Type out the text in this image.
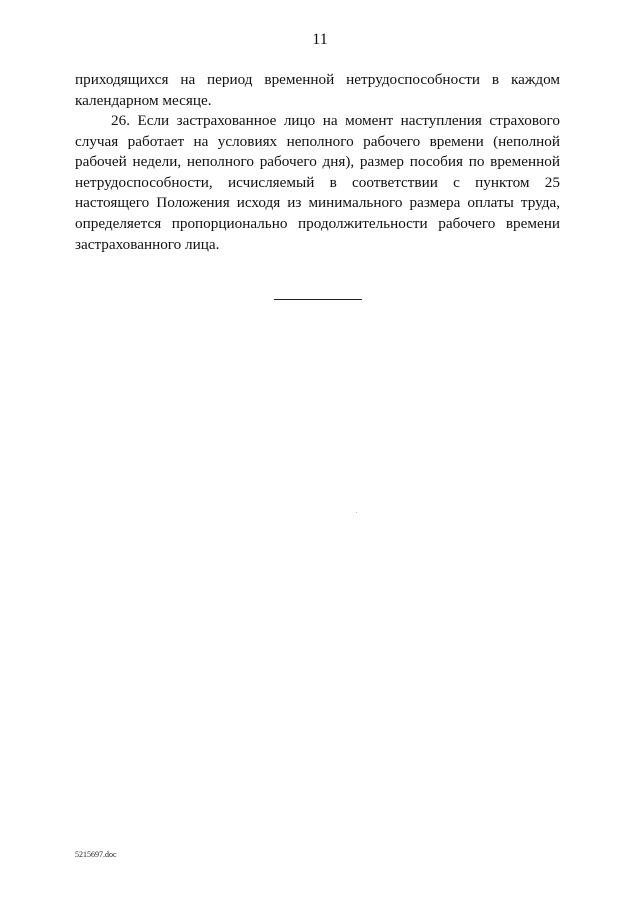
11

приходящихся на период временной нетрудоспособности в каждом
календарном месяце.

26. Если застрахованное лицо на момент наступления страхового
случая работает на условиях неполного рабочего времени (неполной
рабочей недели, неполного рабочего дня), размер пособия по временной
нетрудоспособности, исчисляемый в соответствии с пунктом 25
настоящего Положения исходя из минимального размера оплаты труда,
определяется пропорционально продолжительности рабочего времени
застрахованного лица.

5215697.doc
